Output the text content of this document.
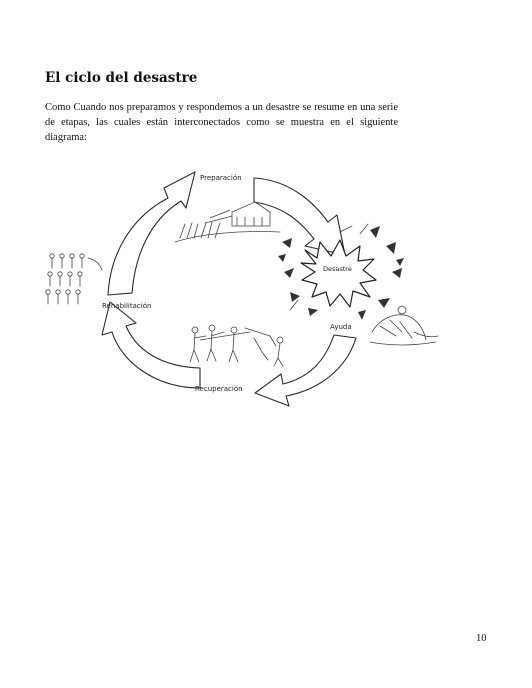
El ciclo del desastre

Como Cuando nos preparamos y respondemos a un desastre se resume en una serie de etapas, las cuales están interconectados como se muestra en el siguiente diagrama:

Preparación
Desastre
Ayuda
Recuperación
Rehabilitación
10
